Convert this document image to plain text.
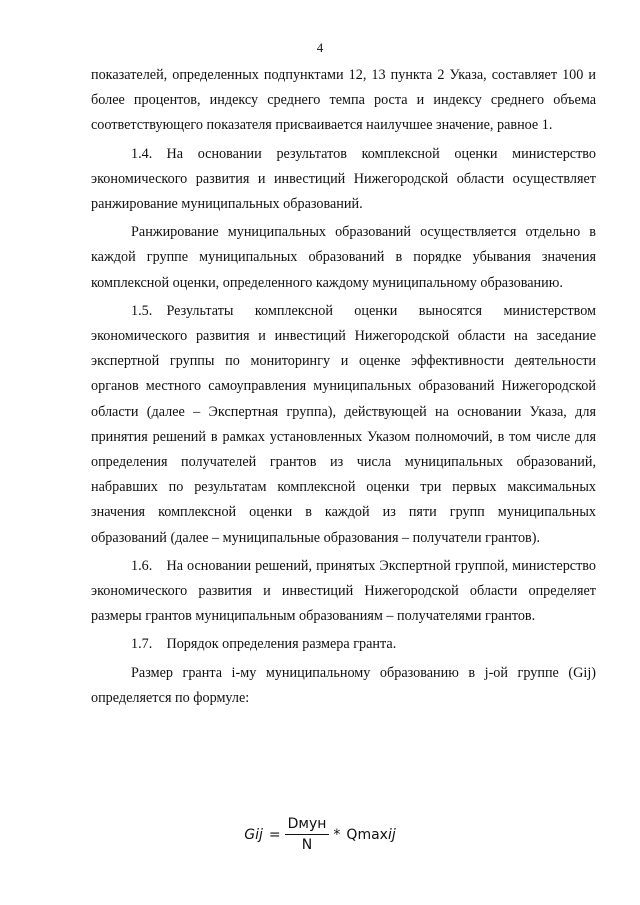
4

показателей, определенных подпунктами 12, 13 пункта 2 Указа, составляет 100 и более процентов, индексу среднего темпа роста и индексу среднего объема соответствующего показателя присваивается наилучшее значение, равное 1.

1.4. На основании результатов комплексной оценки министерство экономического развития и инвестиций Нижегородской области осуществляет ранжирование муниципальных образований.

Ранжирование муниципальных образований осуществляется отдельно в каждой группе муниципальных образований в порядке убывания значения комплексной оценки, определенного каждому муниципальному образованию.

1.5. Результаты комплексной оценки выносятся министерством экономического развития и инвестиций Нижегородской области на заседание экспертной группы по мониторингу и оценке эффективности деятельности органов местного самоуправления муниципальных образований Нижегородской области (далее – Экспертная группа), действующей на основании Указа, для принятия решений в рамках установленных Указом полномочий, в том числе для определения получателей грантов из числа муниципальных образований, набравших по результатам комплексной оценки три первых максимальных значения комплексной оценки в каждой из пяти групп муниципальных образований (далее – муниципальные образования – получатели грантов).

1.6. На основании решений, принятых Экспертной группой, министерство экономического развития и инвестиций Нижегородской области определяет размеры грантов муниципальным образованиям – получателями грантов.

1.7. Порядок определения размера гранта.

Размер гранта i-му муниципальному образованию в j-ой группе (Gij) определяется по формуле:

Gij = $\frac{\text{Dмун}}{N}$ * Qmax ij
